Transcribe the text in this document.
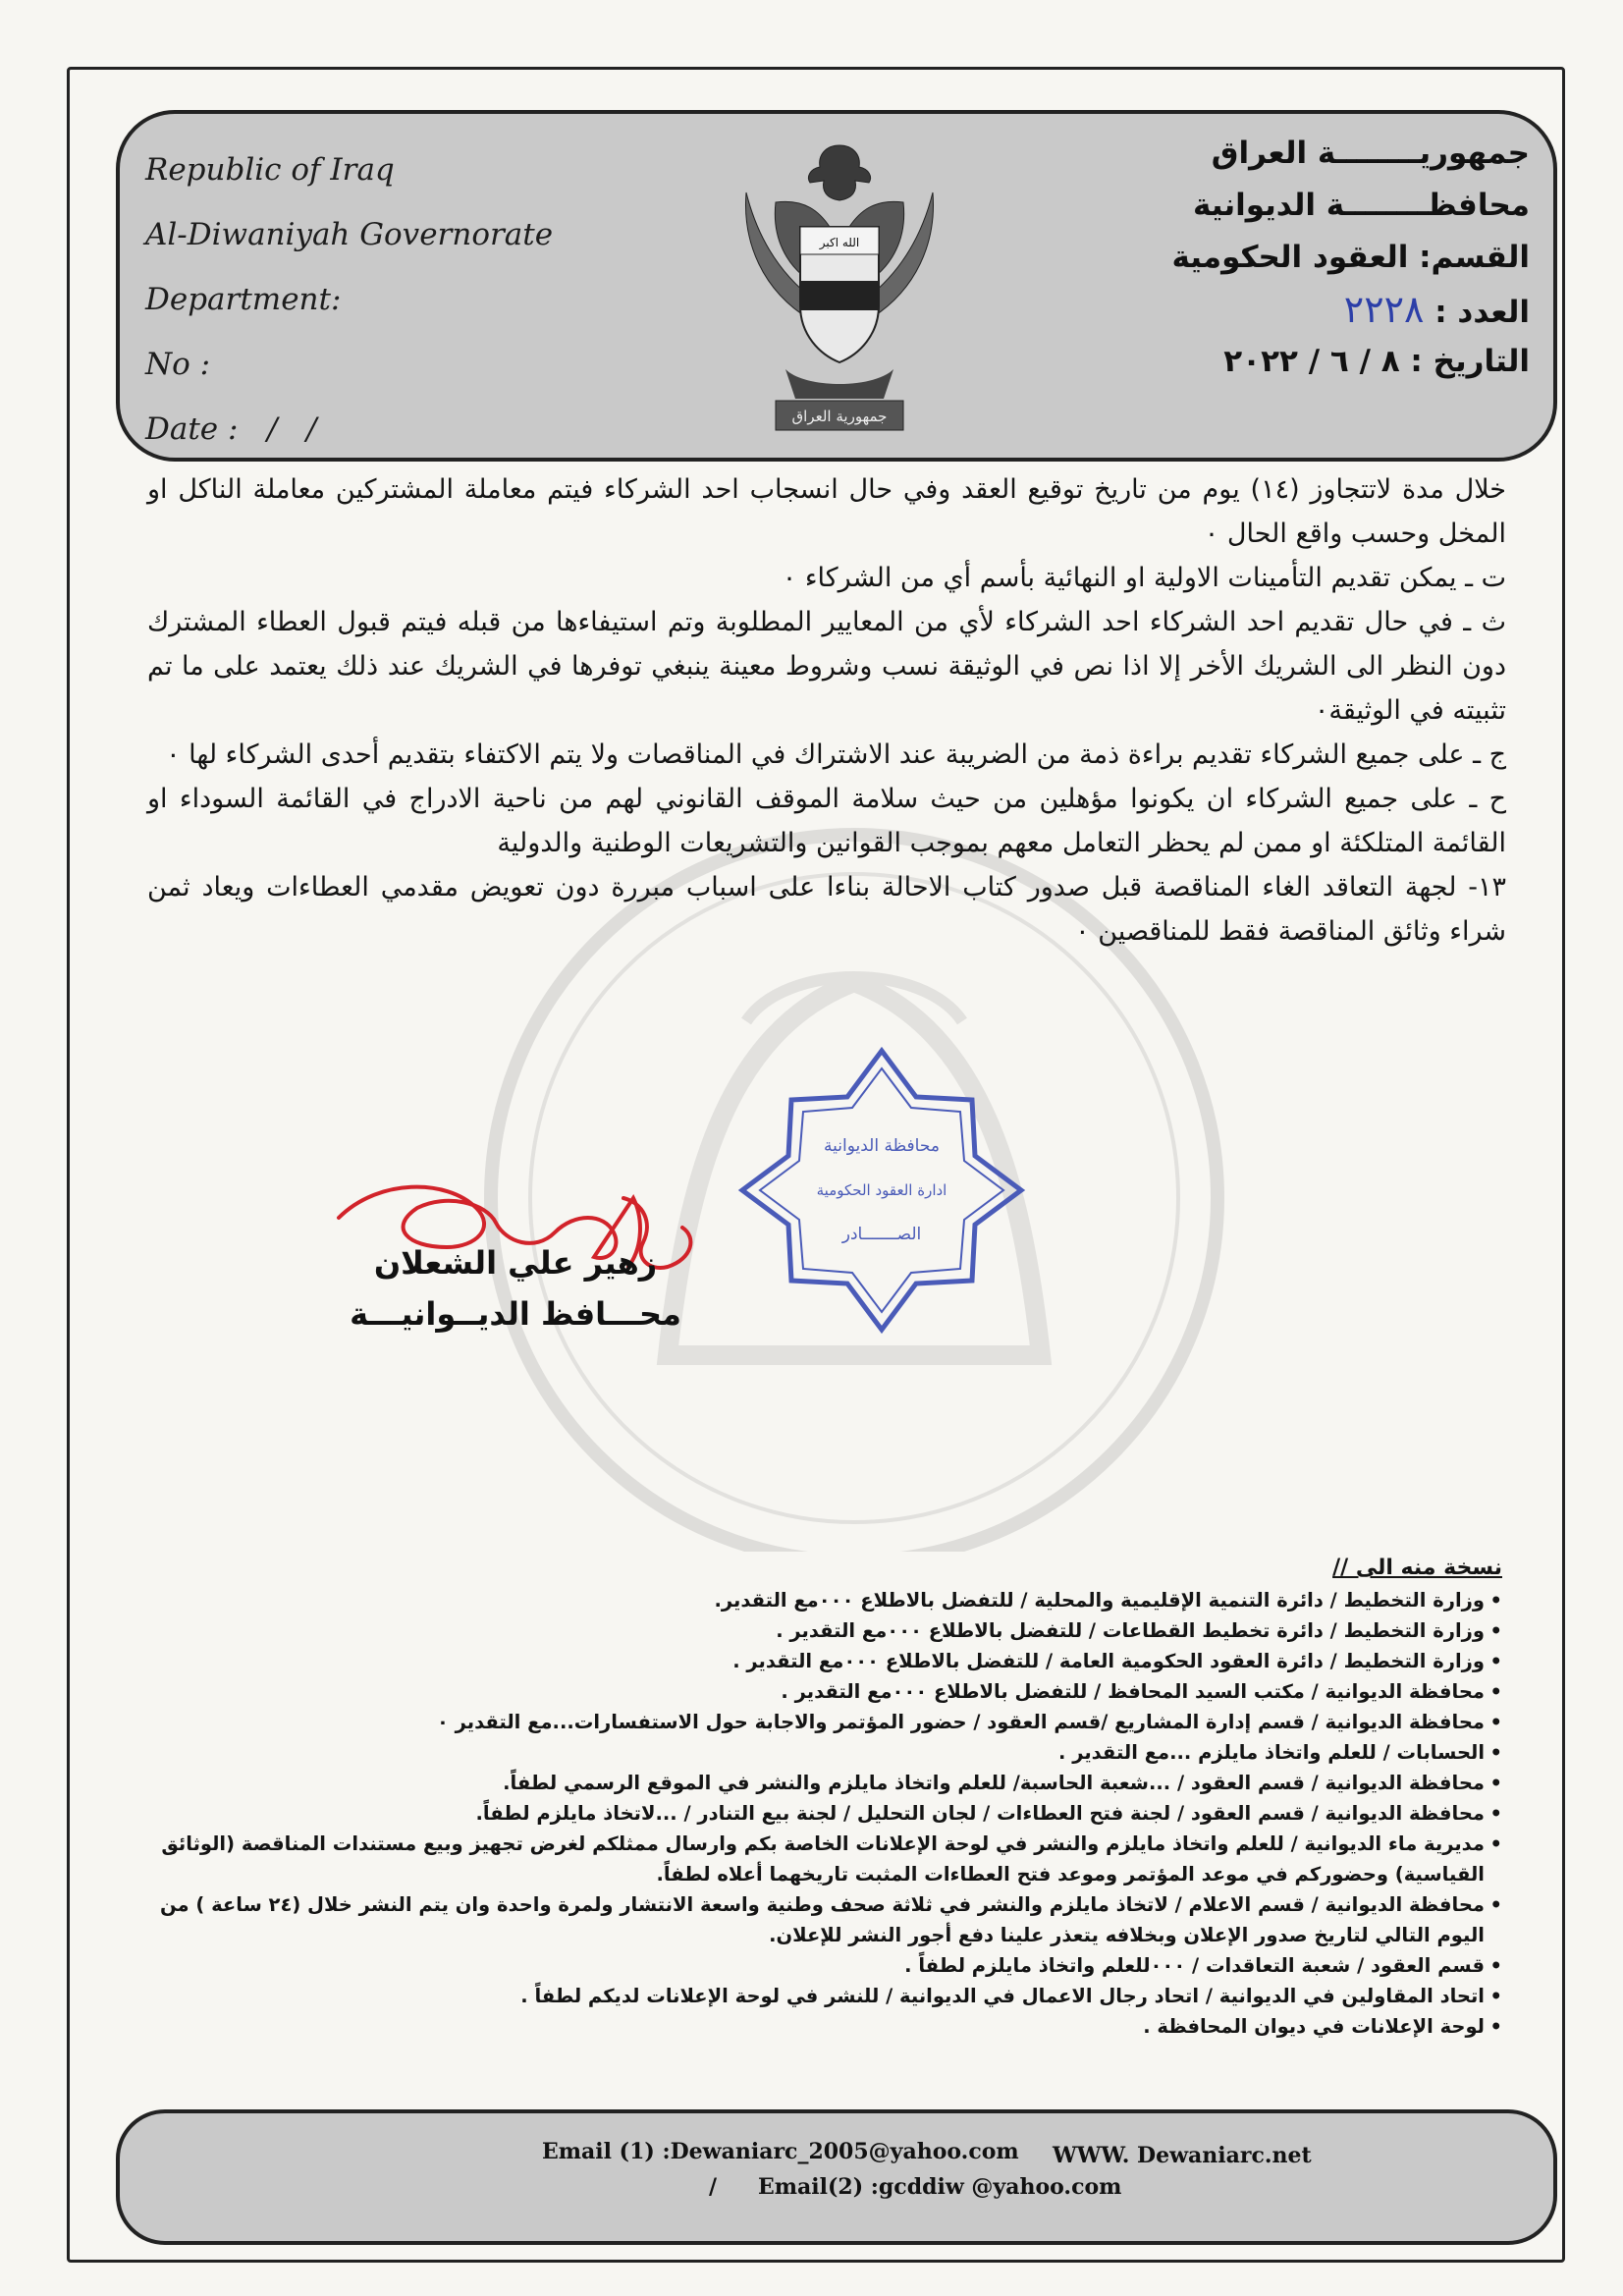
Republic of Iraq
Al-Diwaniyah Governorate
Department:
No :
Date :   /   /
الله اكبر
جمهورية العراق
جمهوريــــــــة العراق
محافظــــــــة الديوانية
القسم: العقود الحكومية
العدد : ٢٢٢٨
التاريخ : ٨ / ٦ / ٢٠٢٢

خلال مدة لاتتجاوز (١٤) يوم من تاريخ توقيع العقد وفي حال انسجاب احد الشركاء فيتم معاملة المشتركين معاملة الناكل او المخل وحسب واقع الحال ٠

ت ـ يمكن تقديم التأمينات الاولية او النهائية بأسم أي من الشركاء ٠

ث ـ في حال تقديم احد الشركاء احد الشركاء لأي من المعايير المطلوبة وتم استيفاءها من قبله فيتم قبول العطاء المشترك دون النظر الى الشريك الأخر إلا اذا نص في الوثيقة نسب وشروط معينة ينبغي توفرها في الشريك عند ذلك يعتمد على ما تم تثبيته في الوثيقة٠

ج ـ على جميع الشركاء تقديم براءة ذمة من الضريبة عند الاشتراك في المناقصات ولا يتم الاكتفاء بتقديم أحدى الشركاء لها ٠

ح ـ على جميع الشركاء ان يكونوا مؤهلين من حيث سلامة الموقف القانوني لهم من ناحية الادراج في القائمة السوداء او القائمة المتلكئة او ممن لم يحظر التعامل معهم بموجب القوانين والتشريعات الوطنية والدولية

١٣- لجهة التعاقد الغاء المناقصة قبل صدور كتاب الاحالة بناءا على اسباب مبررة دون تعويض مقدمي العطاءات ويعاد ثمن شراء وثائق المناقصة فقط للمناقصين ٠

محافظة الديوانية
ادارة العقود الحكومية
الصـــــــادر
زهير علي الشعلان
محـــافظ الديــوانيـــة
نسخة منه الى //
• وزارة التخطيط / دائرة التنمية الإقليمية والمحلية / للتفضل بالاطلاع ٠٠٠مع التقدير.
• وزارة التخطيط / دائرة تخطيط القطاعات / للتفضل بالاطلاع ٠٠٠مع التقدير .
• وزارة التخطيط / دائرة العقود الحكومية العامة / للتفضل بالاطلاع ٠٠٠مع التقدير .
• محافظة الديوانية / مكتب السيد المحافظ / للتفضل بالاطلاع ٠٠٠مع التقدير .
• محافظة الديوانية / قسم إدارة المشاريع /قسم العقود / حضور المؤتمر والاجابة حول الاستفسارات...مع التقدير ٠
• الحسابات / للعلم واتخاذ مايلزم ...مع التقدير .
• محافظة الديوانية / قسم العقود / ...شعبة الحاسبة/ للعلم واتخاذ مايلزم والنشر في الموقع الرسمي لطفاً.
• محافظة الديوانية / قسم العقود / لجنة فتح العطاءات / لجان التحليل / لجنة بيع التنادر / ...لاتخاذ مايلزم لطفاً.
• مديرية ماء الديوانية / للعلم واتخاذ مايلزم والنشر في لوحة الإعلانات الخاصة بكم وارسال ممثلكم لغرض تجهيز وبيع مستندات المناقصة (الوثائق القياسية) وحضوركم في موعد المؤتمر وموعد فتح العطاءات المثبت تاريخهما أعلاه لطفاً.
• محافظة الديوانية / قسم الاعلام / لاتخاذ مايلزم والنشر في ثلاثة صحف وطنية واسعة الانتشار ولمرة واحدة وان يتم النشر خلال (٢٤ ساعة ) من اليوم التالي لتاريخ صدور الإعلان وبخلافه يتعذر علينا دفع أجور النشر للإعلان.
• قسم العقود / شعبة التعاقدات / ٠٠٠للعلم واتخاذ مايلزم لطفاً .
• اتحاد المقاولين في الديوانية / اتحاد رجال الاعمال في الديوانية / للنشر في لوحة الإعلانات لديكم لطفاً .
• لوحة الإعلانات في ديوان المحافظة .
Email (1) :Dewaniarc_2005@yahoo.com WWW. Dewaniarc.net
/ Email(2) :gcddiw @yahoo.com
